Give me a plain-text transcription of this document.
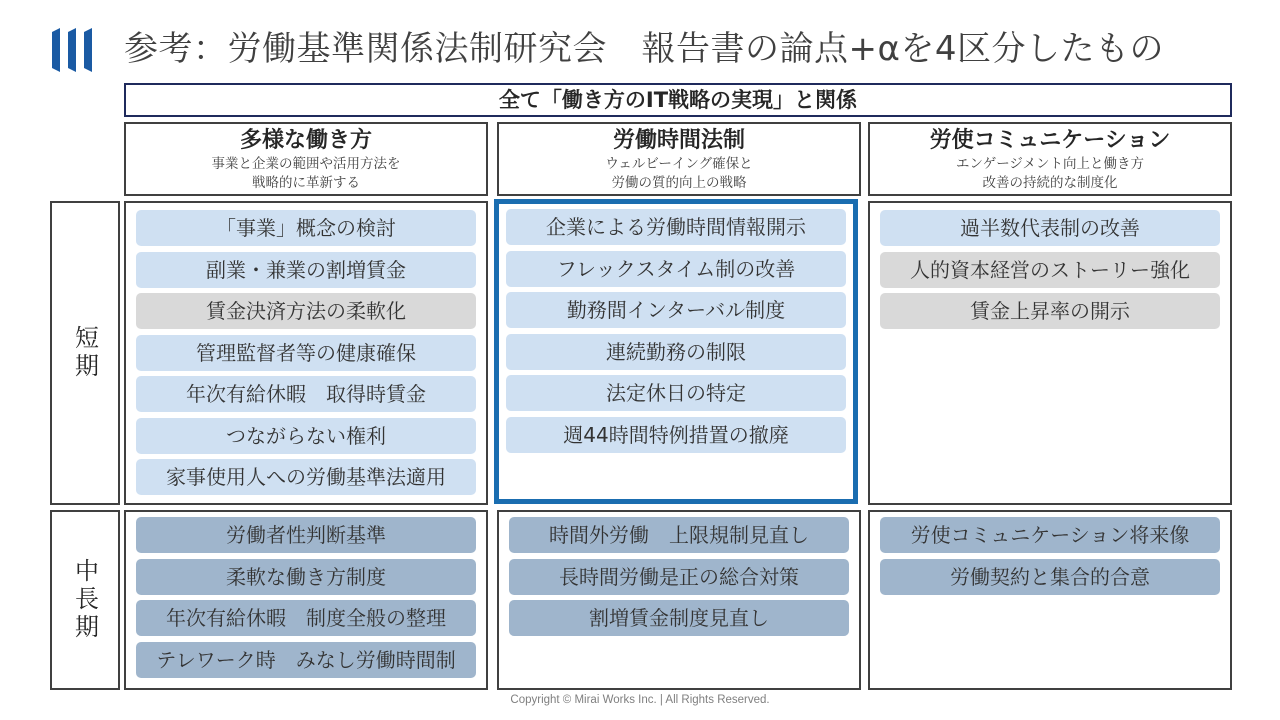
参考：労働基準関係法制研究会　報告書の論点+αを4区分したもの
全て「働き方のIT戦略の実現」と関係
多様な働き方
事業と企業の範囲や活用方法を
戦略的に革新する
労働時間法制
ウェルビーイング確保と
労働の質的向上の戦略
労使コミュニケーション
エンゲージメント向上と働き方
改善の持続的な制度化
短期
中長期
「事業」概念の検討
副業・兼業の割増賃金
賃金決済方法の柔軟化
管理監督者等の健康確保
年次有給休暇　取得時賃金
つながらない権利
家事使用人への労働基準法適用
企業による労働時間情報開示
フレックスタイム制の改善
勤務間インターバル制度
連続勤務の制限
法定休日の特定
週44時間特例措置の撤廃
過半数代表制の改善
人的資本経営のストーリー強化
賃金上昇率の開示
労働者性判断基準
柔軟な働き方制度
年次有給休暇　制度全般の整理
テレワーク時　みなし労働時間制
時間外労働　上限規制見直し
長時間労働是正の総合対策
割増賃金制度見直し
労使コミュニケーション将来像
労働契約と集合的合意
Copyright © Mirai Works Inc. | All Rights Reserved.
